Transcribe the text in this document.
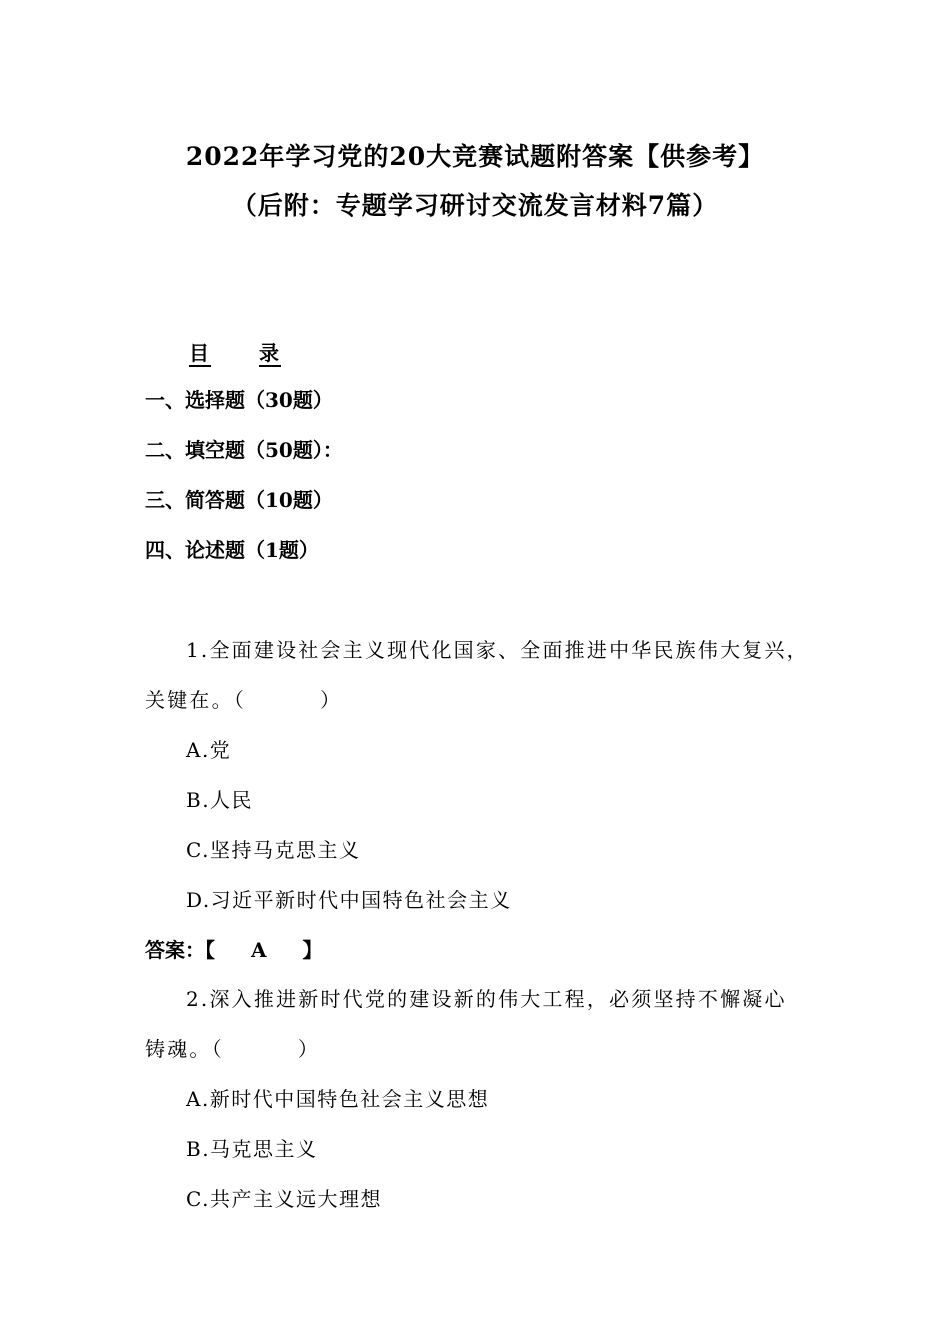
2022年学习党的20大竞赛试题附答案【供参考】
（后附：专题学习研讨交流发言材料7篇）
目 录
一、选择题（30题）
二、填空题（50题）：
三、简答题（10题）
四、论述题（1题）
1.全面建设社会主义现代化国家、全面推进中华民族伟大复兴，
关键在。（	）
A.党
B.人民
C.坚持马克思主义
D.习近平新时代中国特色社会主义
答案：【 A 】
2.深入推进新时代党的建设新的伟大工程，必须坚持不懈凝心
铸魂。（	）
A.新时代中国特色社会主义思想
B.马克思主义
C.共产主义远大理想
